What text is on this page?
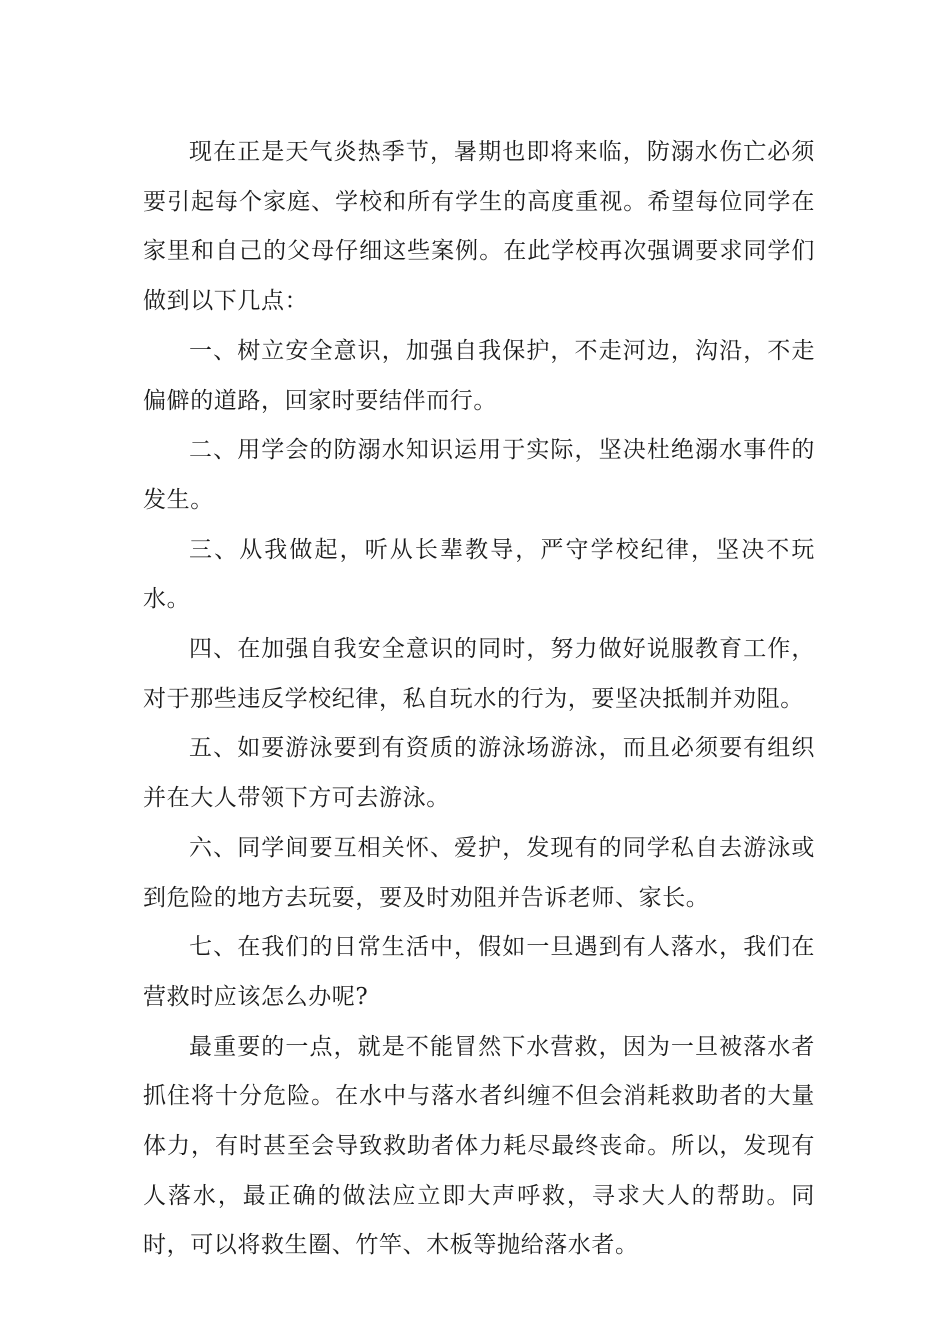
现在正是天气炎热季节，暑期也即将来临，防溺水伤亡必须要引起每个家庭、学校和所有学生的高度重视。希望每位同学在家里和自己的父母仔细这些案例。在此学校再次强调要求同学们做到以下几点：

一、树立安全意识，加强自我保护，不走河边，沟沿，不走偏僻的道路，回家时要结伴而行。

二、用学会的防溺水知识运用于实际，坚决杜绝溺水事件的发生。

三、从我做起，听从长辈教导，严守学校纪律，坚决不玩水。

四、在加强自我安全意识的同时，努力做好说服教育工作，对于那些违反学校纪律，私自玩水的行为，要坚决抵制并劝阻。

五、如要游泳要到有资质的游泳场游泳，而且必须要有组织并在大人带领下方可去游泳。

六、同学间要互相关怀、爱护，发现有的同学私自去游泳或到危险的地方去玩耍，要及时劝阻并告诉老师、家长。

七、在我们的日常生活中，假如一旦遇到有人落水，我们在营救时应该怎么办呢?

最重要的一点，就是不能冒然下水营救，因为一旦被落水者抓住将十分危险。在水中与落水者纠缠不但会消耗救助者的大量体力，有时甚至会导致救助者体力耗尽最终丧命。所以，发现有人落水，最正确的做法应立即大声呼救，寻求大人的帮助。同时，可以将救生圈、竹竿、木板等抛给落水者。
